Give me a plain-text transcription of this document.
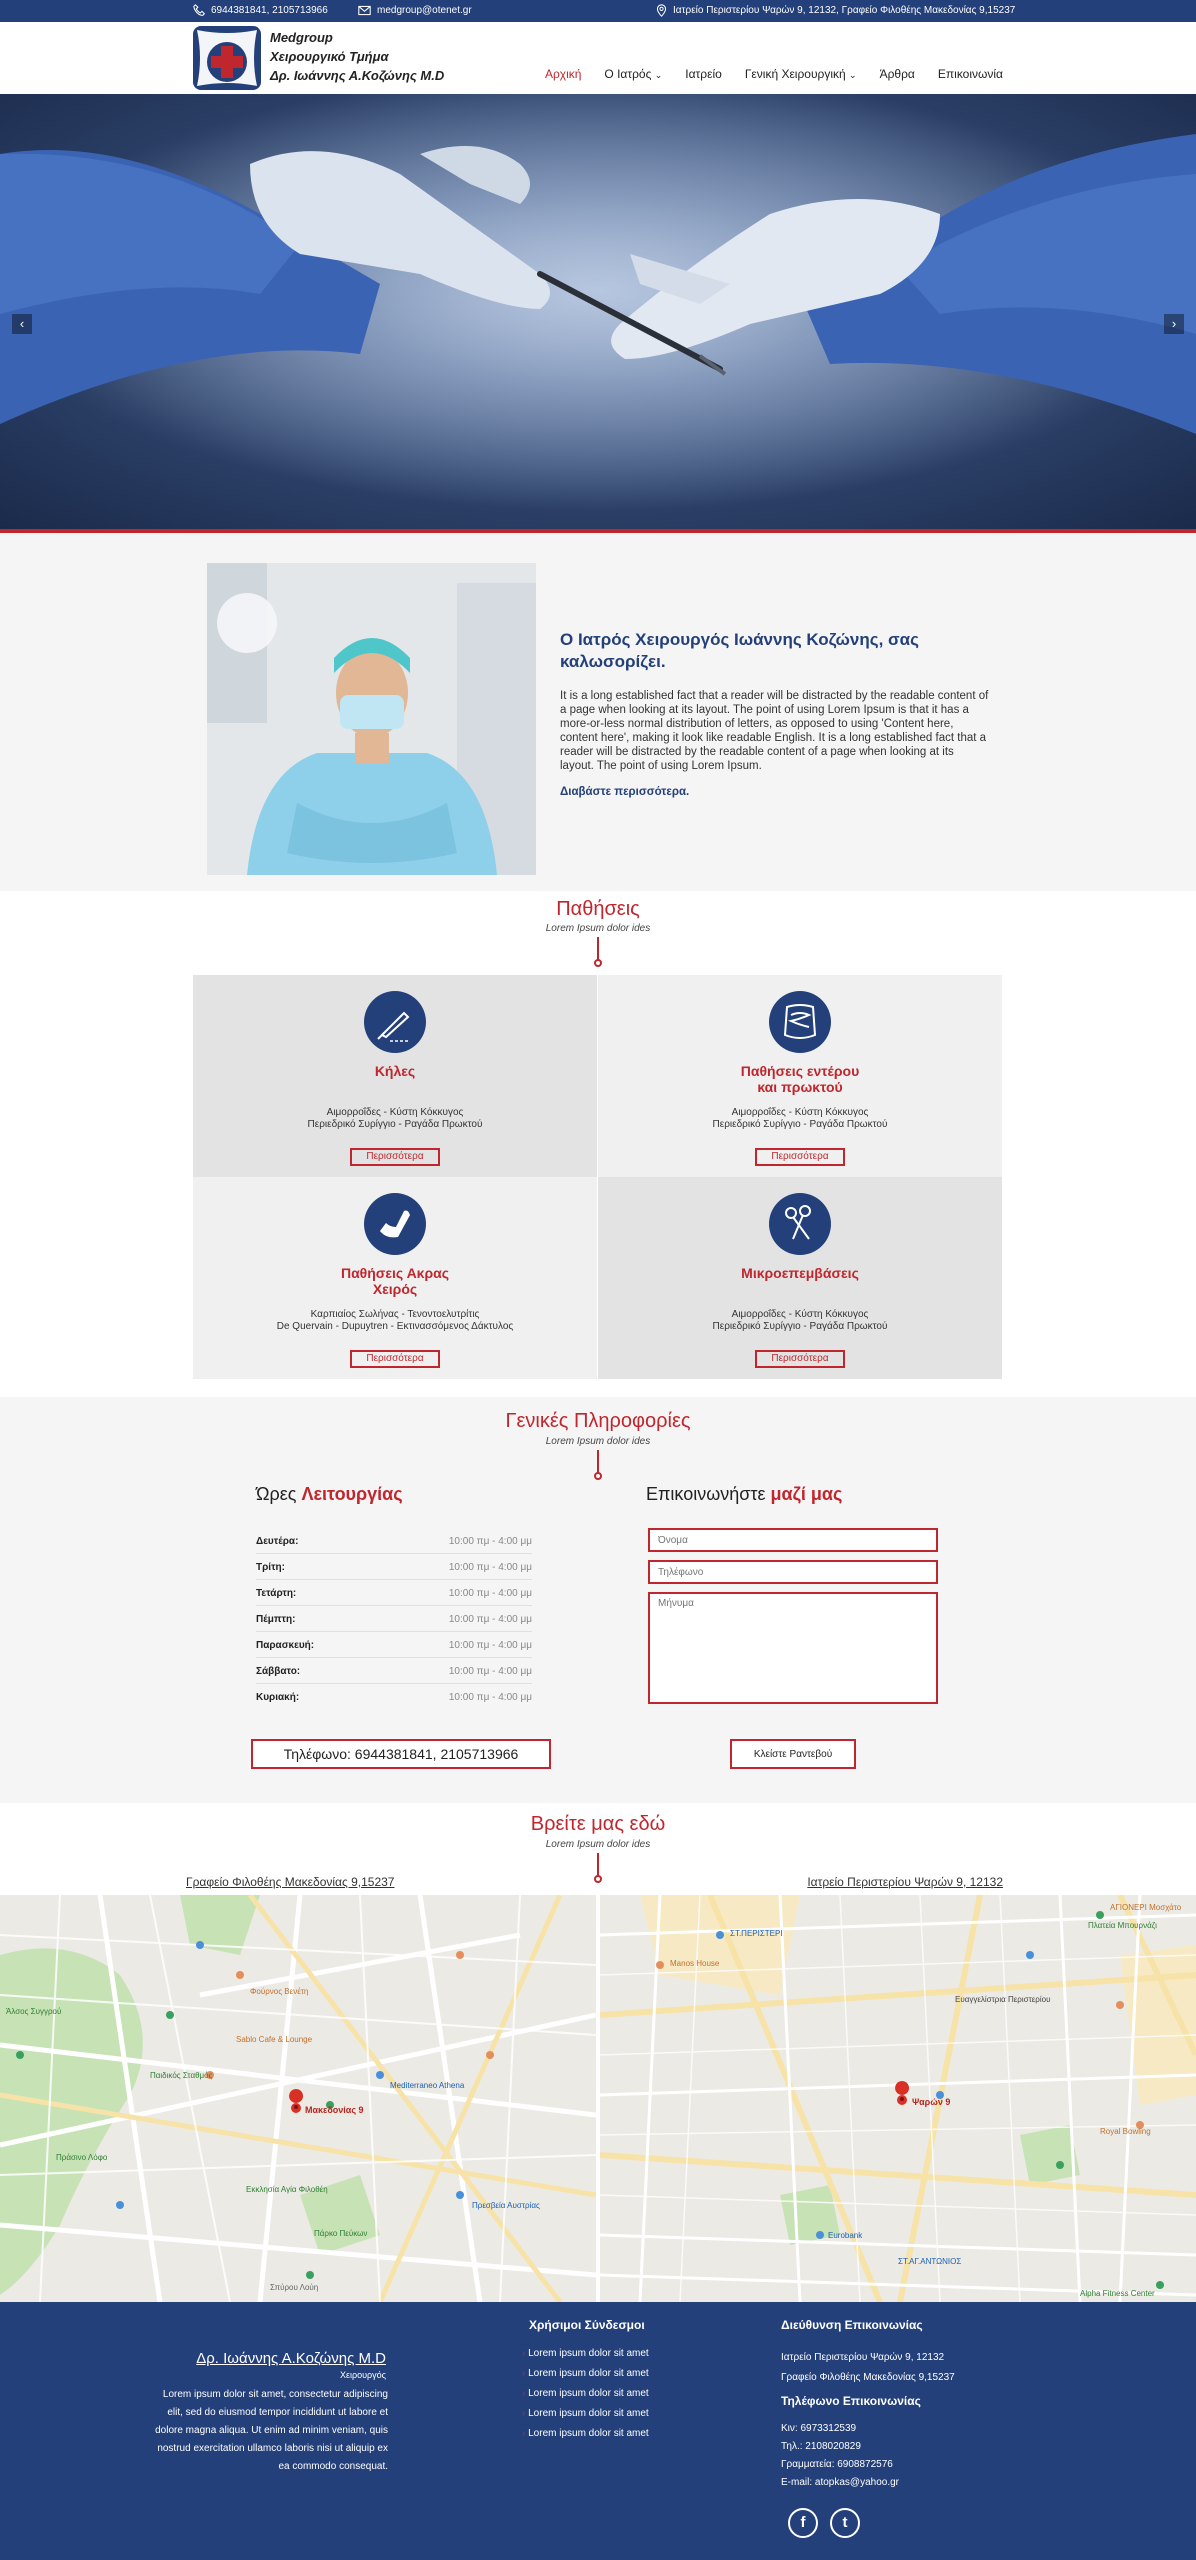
6944381841, 2105713966	medgroup@otenet.gr	Ιατρείο Περιστερίου Ψαρών 9, 12132, Γραφείο Φιλοθέης Μακεδονίας 9,15237
Medgroup
Χειρουργικό Τμήμα
Δρ. Ιωάννης Α.Κοζώνης M.D	Αρχική Ο Ιατρός ⌄ Ιατρείο Γενική Χειρουργική ⌄ Άρθρα Επικοινωνία
‹	›
Ο Ιατρός Χειρουργός Ιωάννης Κοζώνης, σας καλωσορίζει.
It is a long established fact that a reader will be distracted by the readable content of a page when looking at its layout. The point of using Lorem Ipsum is that it has a more-or-less normal distribution of letters, as opposed to using 'Content here, content here', making it look like readable English. It is a long established fact that a reader will be distracted by the readable content of a page when looking at its layout. The point of using Lorem Ipsum.
Διαβάστε περισσότερα.
Παθήσεις
Lorem Ipsum dolor ides
Κήλες
Αιμορροΐδες - Κύστη Κόκκυγος
Περιεδρικό Συρίγγιο - Ραγάδα Πρωκτού
Περισσότερα
Παθήσεις εντέρου
και πρωκτού
Αιμορροΐδες - Κύστη Κόκκυγος
Περιεδρικό Συρίγγιο - Ραγάδα Πρωκτού
Περισσότερα
Παθήσεις Ακρας
Χειρός
Καρπιαίος Σωλήνας - Τενοντοελυτρίτις
De Quervain - Dupuytren - Εκτινασσόμενος Δάκτυλος
Περισσότερα
Μικροεπεμβάσεις
Αιμορροΐδες - Κύστη Κόκκυγος
Περιεδρικό Συρίγγιο - Ραγάδα Πρωκτού
Περισσότερα
Γενικές Πληροφορίες
Lorem Ipsum dolor ides
Ώρες Λειτουργίας
Δευτέρα:	10:00 πμ - 4:00 μμ
Τρίτη:	10:00 πμ - 4:00 μμ
Τετάρτη:	10:00 πμ - 4:00 μμ
Πέμπτη:	10:00 πμ - 4:00 μμ
Παρασκευή:	10:00 πμ - 4:00 μμ
Σάββατο:	10:00 πμ - 4:00 μμ
Κυριακή:	10:00 πμ - 4:00 μμ
Επικοινωνήστε μαζί μας
Όνομα
Τηλέφωνο
Μήνυμα
Τηλέφωνο: 6944381841, 2105713966	Κλείστε Ραντεβού
Βρείτε μας εδώ
Lorem Ipsum dolor ides
Γραφείο Φιλοθέης Μακεδονίας 9,15237	Ιατρείο Περιστερίου Ψαρών 9, 12132
Μακεδονίας 9
Πάρκο Πεύκων
Σπύρου Λούη
Παιδικός Σταθμός
Sablo Cafe & Lounge
Φούρνος Βενέτη
Πράσινο Λόφο
Mediterraneo Athena
Εκκλησία Αγία Φιλοθέη
Πρεσβεία Αυστρίας
Άλσος Συγγρού
Ψαρών 9
ΑΓΙΟΝΕΡΙ Μοσχάτο
Πλατεία Μπουρνάζι
Manos House
Royal Bowling
Alpha Fitness Center
Eurobank
ΣΤ.ΑΓ.ΑΝΤΩΝΙΟΣ
Ευαγγελίστρια Περιστερίου
ΣΤ.ΠΕΡΙΣΤΕΡΙ
Δρ. Ιωάννης Α.Κοζώνης M.D
Χειρουργός
Lorem ipsum dolor sit amet, consectetur adipiscing
elit, sed do eiusmod tempor incididunt ut labore et
dolore magna aliqua. Ut enim ad minim veniam, quis
nostrud exercitation ullamco laboris nisi ut aliquip ex
ea commodo consequat.
Χρήσιμοι Σύνδεσμοι
› Lorem ipsum dolor sit amet
› Lorem ipsum dolor sit amet
› Lorem ipsum dolor sit amet
› Lorem ipsum dolor sit amet
› Lorem ipsum dolor sit amet
Διεύθυνση Επικοινωνίας
Ιατρείο Περιστερίου Ψαρών 9, 12132
Γραφείο Φιλοθέης Μακεδονίας 9,15237
Τηλέφωνο Επικοινωνίας
Κιν: 6973312539
Τηλ.: 2108020829
Γραμματεία: 6908872576
E-mail: atopkas@yahoo.gr
f	t
